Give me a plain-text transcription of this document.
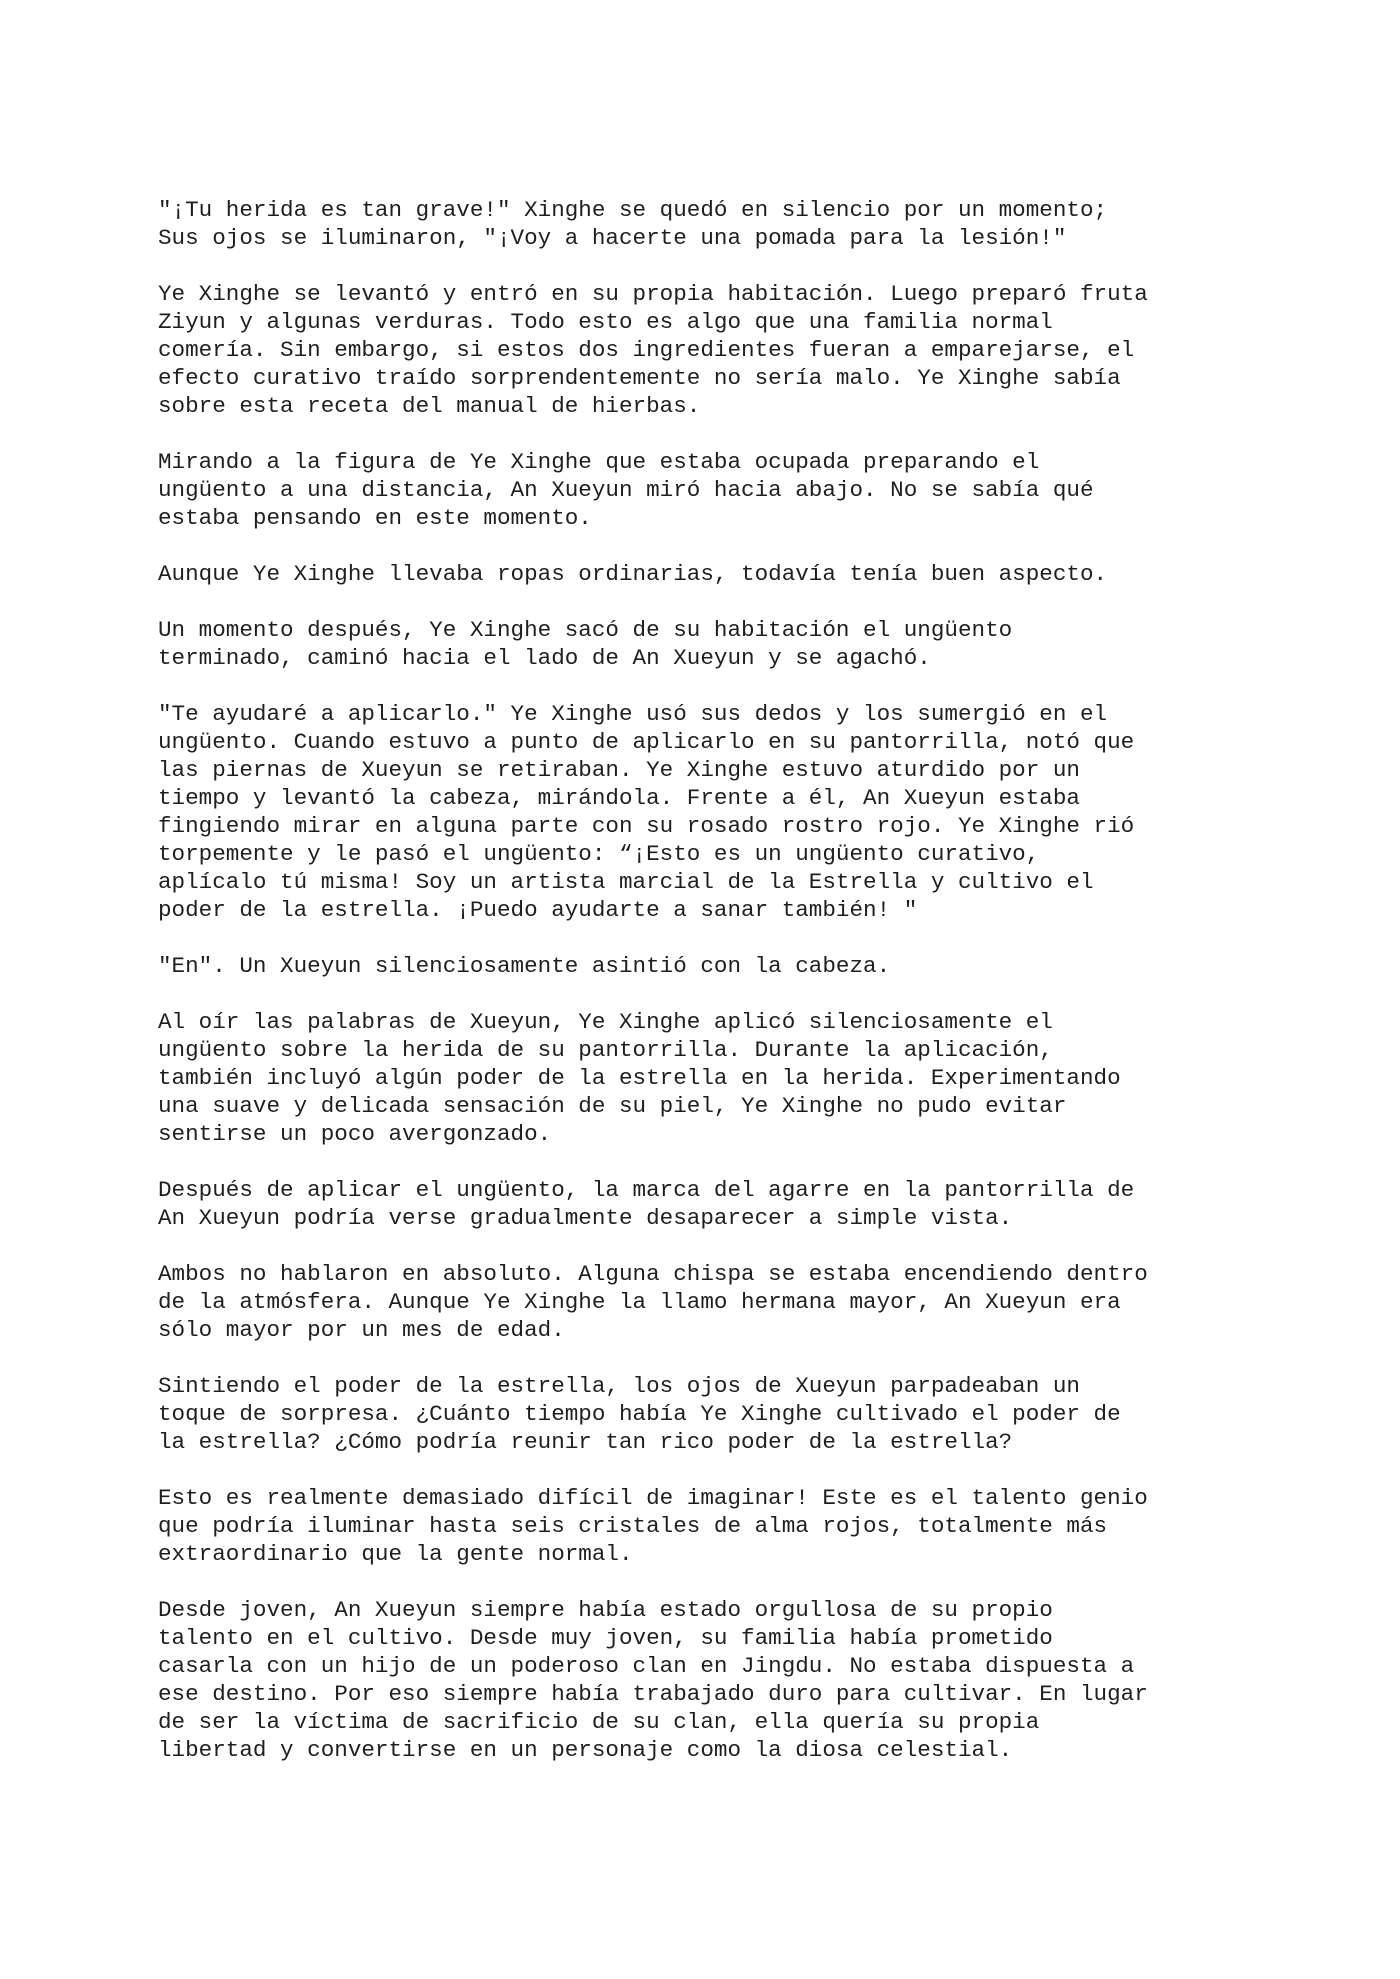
"¡Tu herida es tan grave!" Xinghe se quedó en silencio por un momento;
Sus ojos se iluminaron, "¡Voy a hacerte una pomada para la lesión!"
Ye Xinghe se levantó y entró en su propia habitación. Luego preparó fruta
Ziyun y algunas verduras. Todo esto es algo que una familia normal
comería. Sin embargo, si estos dos ingredientes fueran a emparejarse, el
efecto curativo traído sorprendentemente no sería malo. Ye Xinghe sabía
sobre esta receta del manual de hierbas.
Mirando a la figura de Ye Xinghe que estaba ocupada preparando el
ungüento a una distancia, An Xueyun miró hacia abajo. No se sabía qué
estaba pensando en este momento.
Aunque Ye Xinghe llevaba ropas ordinarias, todavía tenía buen aspecto.
Un momento después, Ye Xinghe sacó de su habitación el ungüento
terminado, caminó hacia el lado de An Xueyun y se agachó.
"Te ayudaré a aplicarlo." Ye Xinghe usó sus dedos y los sumergió en el
ungüento. Cuando estuvo a punto de aplicarlo en su pantorrilla, notó que
las piernas de Xueyun se retiraban. Ye Xinghe estuvo aturdido por un
tiempo y levantó la cabeza, mirándola. Frente a él, An Xueyun estaba
fingiendo mirar en alguna parte con su rosado rostro rojo. Ye Xinghe rió
torpemente y le pasó el ungüento: “¡Esto es un ungüento curativo,
aplícalo tú misma! Soy un artista marcial de la Estrella y cultivo el
poder de la estrella. ¡Puedo ayudarte a sanar también! "
"En". Un Xueyun silenciosamente asintió con la cabeza.
Al oír las palabras de Xueyun, Ye Xinghe aplicó silenciosamente el
ungüento sobre la herida de su pantorrilla. Durante la aplicación,
también incluyó algún poder de la estrella en la herida. Experimentando
una suave y delicada sensación de su piel, Ye Xinghe no pudo evitar
sentirse un poco avergonzado.
Después de aplicar el ungüento, la marca del agarre en la pantorrilla de
An Xueyun podría verse gradualmente desaparecer a simple vista.
Ambos no hablaron en absoluto. Alguna chispa se estaba encendiendo dentro
de la atmósfera. Aunque Ye Xinghe la llamo hermana mayor, An Xueyun era
sólo mayor por un mes de edad.
Sintiendo el poder de la estrella, los ojos de Xueyun parpadeaban un
toque de sorpresa. ¿Cuánto tiempo había Ye Xinghe cultivado el poder de
la estrella? ¿Cómo podría reunir tan rico poder de la estrella?
Esto es realmente demasiado difícil de imaginar! Este es el talento genio
que podría iluminar hasta seis cristales de alma rojos, totalmente más
extraordinario que la gente normal.
Desde joven, An Xueyun siempre había estado orgullosa de su propio
talento en el cultivo. Desde muy joven, su familia había prometido
casarla con un hijo de un poderoso clan en Jingdu. No estaba dispuesta a
ese destino. Por eso siempre había trabajado duro para cultivar. En lugar
de ser la víctima de sacrificio de su clan, ella quería su propia
libertad y convertirse en un personaje como la diosa celestial.
